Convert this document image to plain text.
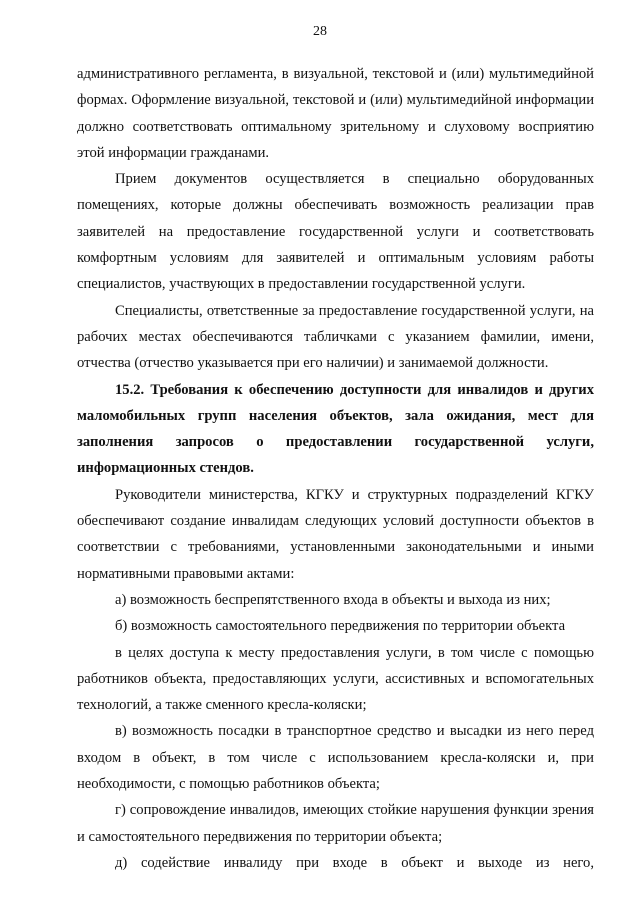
28

административного регламента, в визуальной, текстовой и (или) мультимедийной формах. Оформление визуальной, текстовой и (или) мультимедийной информации должно соответствовать оптимальному зрительному и слуховому восприятию этой информации гражданами.

Прием документов осуществляется в специально оборудованных помещениях, которые должны обеспечивать возможность реализации прав заявителей на предоставление государственной услуги и соответствовать комфортным условиям для заявителей и оптимальным условиям работы специалистов, участвующих в предоставлении государственной услуги.

Специалисты, ответственные за предоставление государственной услуги, на рабочих местах обеспечиваются табличками с указанием фамилии, имени, отчества (отчество указывается при его наличии) и занимаемой должности.

15.2. Требования к обеспечению доступности для инвалидов и других маломобильных групп населения объектов, зала ожидания, мест для заполнения запросов о предоставлении государственной услуги, информационных стендов.

Руководители министерства, КГКУ и структурных подразделений КГКУ обеспечивают создание инвалидам следующих условий доступности объектов в соответствии с требованиями, установленными законодательными и иными нормативными правовыми актами:

а) возможность беспрепятственного входа в объекты и выхода из них;

б) возможность самостоятельного передвижения по территории объекта

в целях доступа к месту предоставления услуги, в том числе с помощью работников объекта, предоставляющих услуги, ассистивных и вспомогательных технологий, а также сменного кресла-коляски;

в) возможность посадки в транспортное средство и высадки из него перед входом в объект, в том числе с использованием кресла-коляски и, при необходимости, с помощью работников объекта;

г) сопровождение инвалидов, имеющих стойкие нарушения функции зрения и самостоятельного передвижения по территории объекта;

д) содействие инвалиду при входе в объект и выходе из него,
